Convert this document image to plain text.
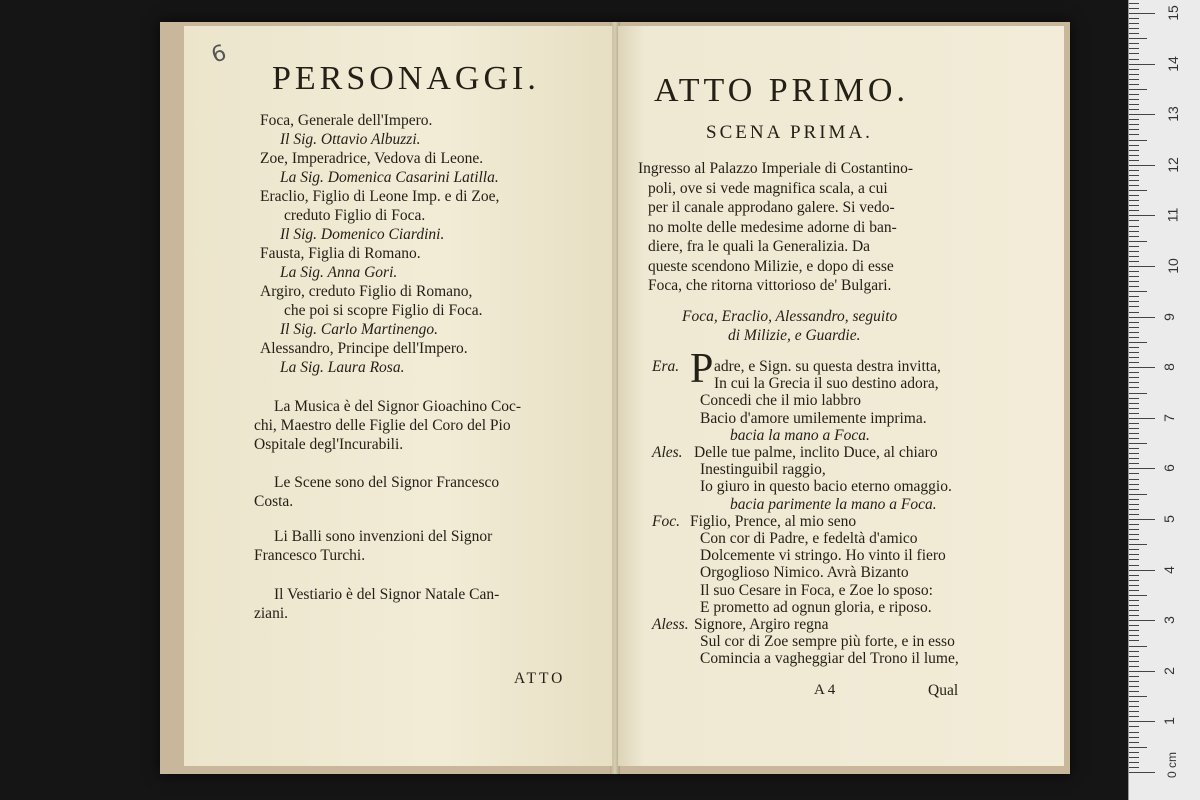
6
PERSONAGGI.
Foca, Generale dell'Impero.
Il Sig. Ottavio Albuzzi.
Zoe, Imperadrice, Vedova di Leone.
La Sig. Domenica Casarini Latilla.
Eraclio, Figlio di Leone Imp. e di Zoe,
creduto Figlio di Foca.
Il Sig. Domenico Ciardini.
Fausta, Figlia di Romano.
La Sig. Anna Gori.
Argiro, creduto Figlio di Romano,
che poi si scopre Figlio di Foca.
Il Sig. Carlo Martinengo.
Alessandro, Principe dell'Impero.
La Sig. Laura Rosa.
La Musica è del Signor Gioachino Coc-
chi, Maestro delle Figlie del Coro del Pio
Ospitale degl'Incurabili.
Le Scene sono del Signor Francesco
Costa.
Li Balli sono invenzioni del Signor
Francesco Turchi.
Il Vestiario è del Signor Natale Can-
ziani.
ATTO
ATTO PRIMO.
SCENA PRIMA.
Ingresso al Palazzo Imperiale di Costantino-
poli, ove si vede magnifica scala, a cui
per il canale approdano galere. Si vedo-
no molte delle medesime adorne di ban-
diere, fra le quali la Generalizia. Da
queste scendono Milizie, e dopo di esse
Foca, che ritorna vittorioso de' Bulgari.
Foca, Eraclio, Alessandro, seguito
di Milizie, e Guardie.
Era. P adre, e Sign. su questa destra invitta,
In cui la Grecia il suo destino adora,
Concedi che il mio labbro
Bacio d'amore umilemente imprima.
bacia la mano a Foca.
Ales. Delle tue palme, inclito Duce, al chiaro
Inestinguibil raggio,
Io giuro in questo bacio eterno omaggio.
bacia parimente la mano a Foca.
Foc. Figlio, Prence, al mio seno
Con cor di Padre, e fedeltà d'amico
Dolcemente vi stringo. Ho vinto il fiero
Orgoglioso Nimico. Avrà Bizanto
Il suo Cesare in Foca, e Zoe lo sposo:
E prometto ad ognun gloria, e riposo.
Aless. Signore, Argiro regna
Sul cor di Zoe sempre più forte, e in esso
Comincia a vagheggiar del Trono il lume,
A 4	Qual
0 cm
1
2
3
4
5
6
7
8
9
10
11
12
13
14
15
